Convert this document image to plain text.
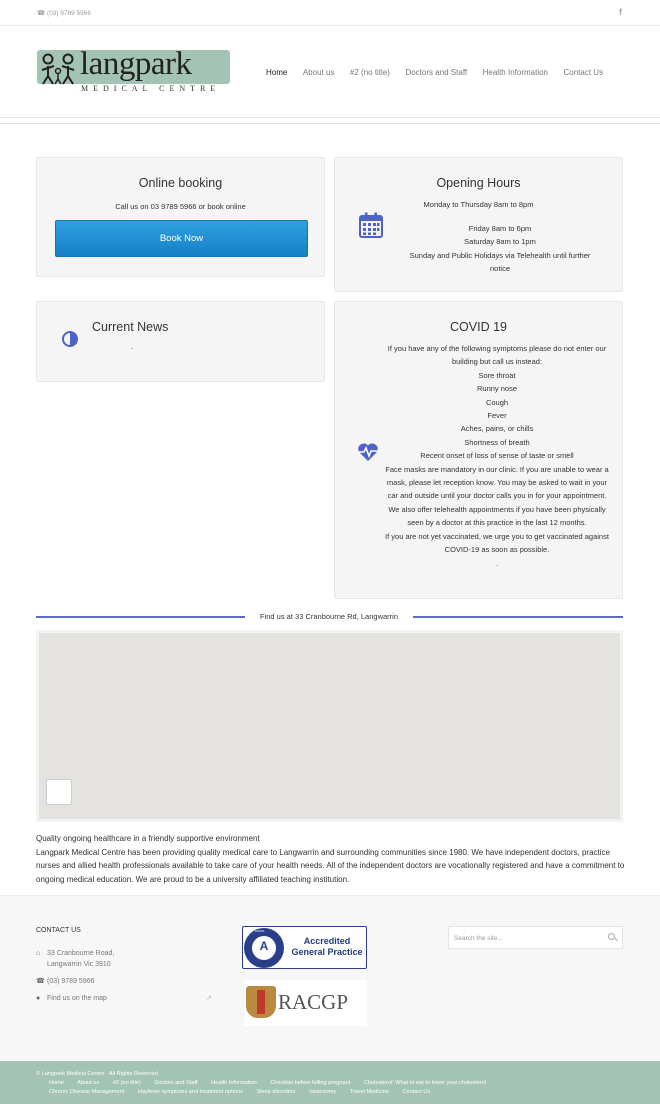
☎ (03) 9789 5966	f
langpark
MEDICAL CENTRE
Home About us #2 (no title) Doctors and Staff Health Information Contact Us
Online booking

Call us on 03 9789 5966 or book online

Book Now
Opening Hours

Monday to Thursday 8am to 8pm

Friday 8am to 6pm

Saturday 8am to 1pm

Sunday and Public Holidays via Telehealth until further notice

Current News
.
COVID 19

If you have any of the following symptoms please do not enter our building but call us instead:

Sore throat

Runny nose

Cough

Fever

Aches, pains, or chills

Shortness of breath

Recent onset of loss of sense of taste or smell

Face masks are mandatory in our clinic. If you are unable to wear a mask, please let reception know. You may be asked to wait in your car and outside until your doctor calls you in for your appointment. We also offer telehealth appointments if you have been physically seen by a doctor at this practice in the last 12 months.

If you are not yet vaccinated, we urge you to get vaccinated against COVID-19 as soon as possible.

.

Find us at 33 Cranbourne Rd, Langwarrin

Quality ongoing healthcare in a friendly supportive environment

Langpark Medical Centre has been providing quality medical care to Langwarrin and surrounding communities since 1980. We have independent doctors, practice nurses and allied health professionals available to take care of your health needs. All of the independent doctors are vocationally registered and have a commitment to ongoing medical education. We are proud to be a university affiliated teaching institution.

CONTACT US
⌂ 33 Cranbourne Road,
Langwarrin Vic 3910
☎ (03) 9789 5966
● Find us on the map	↗
A
AGPAL
Accredited
General Practice
RACGP
Search the site...
© Langpark Medical Centre · All Rights Reserved
Home About us #2 (no title) Doctors and Staff Health Information Checklist before falling pregnant Cholesterol: What to eat to lower your cholesterol
Chronic Disease Management Hayfever symptoms and treatment options Sleep disorders Vasectomy Travel Medicine Contact Us
